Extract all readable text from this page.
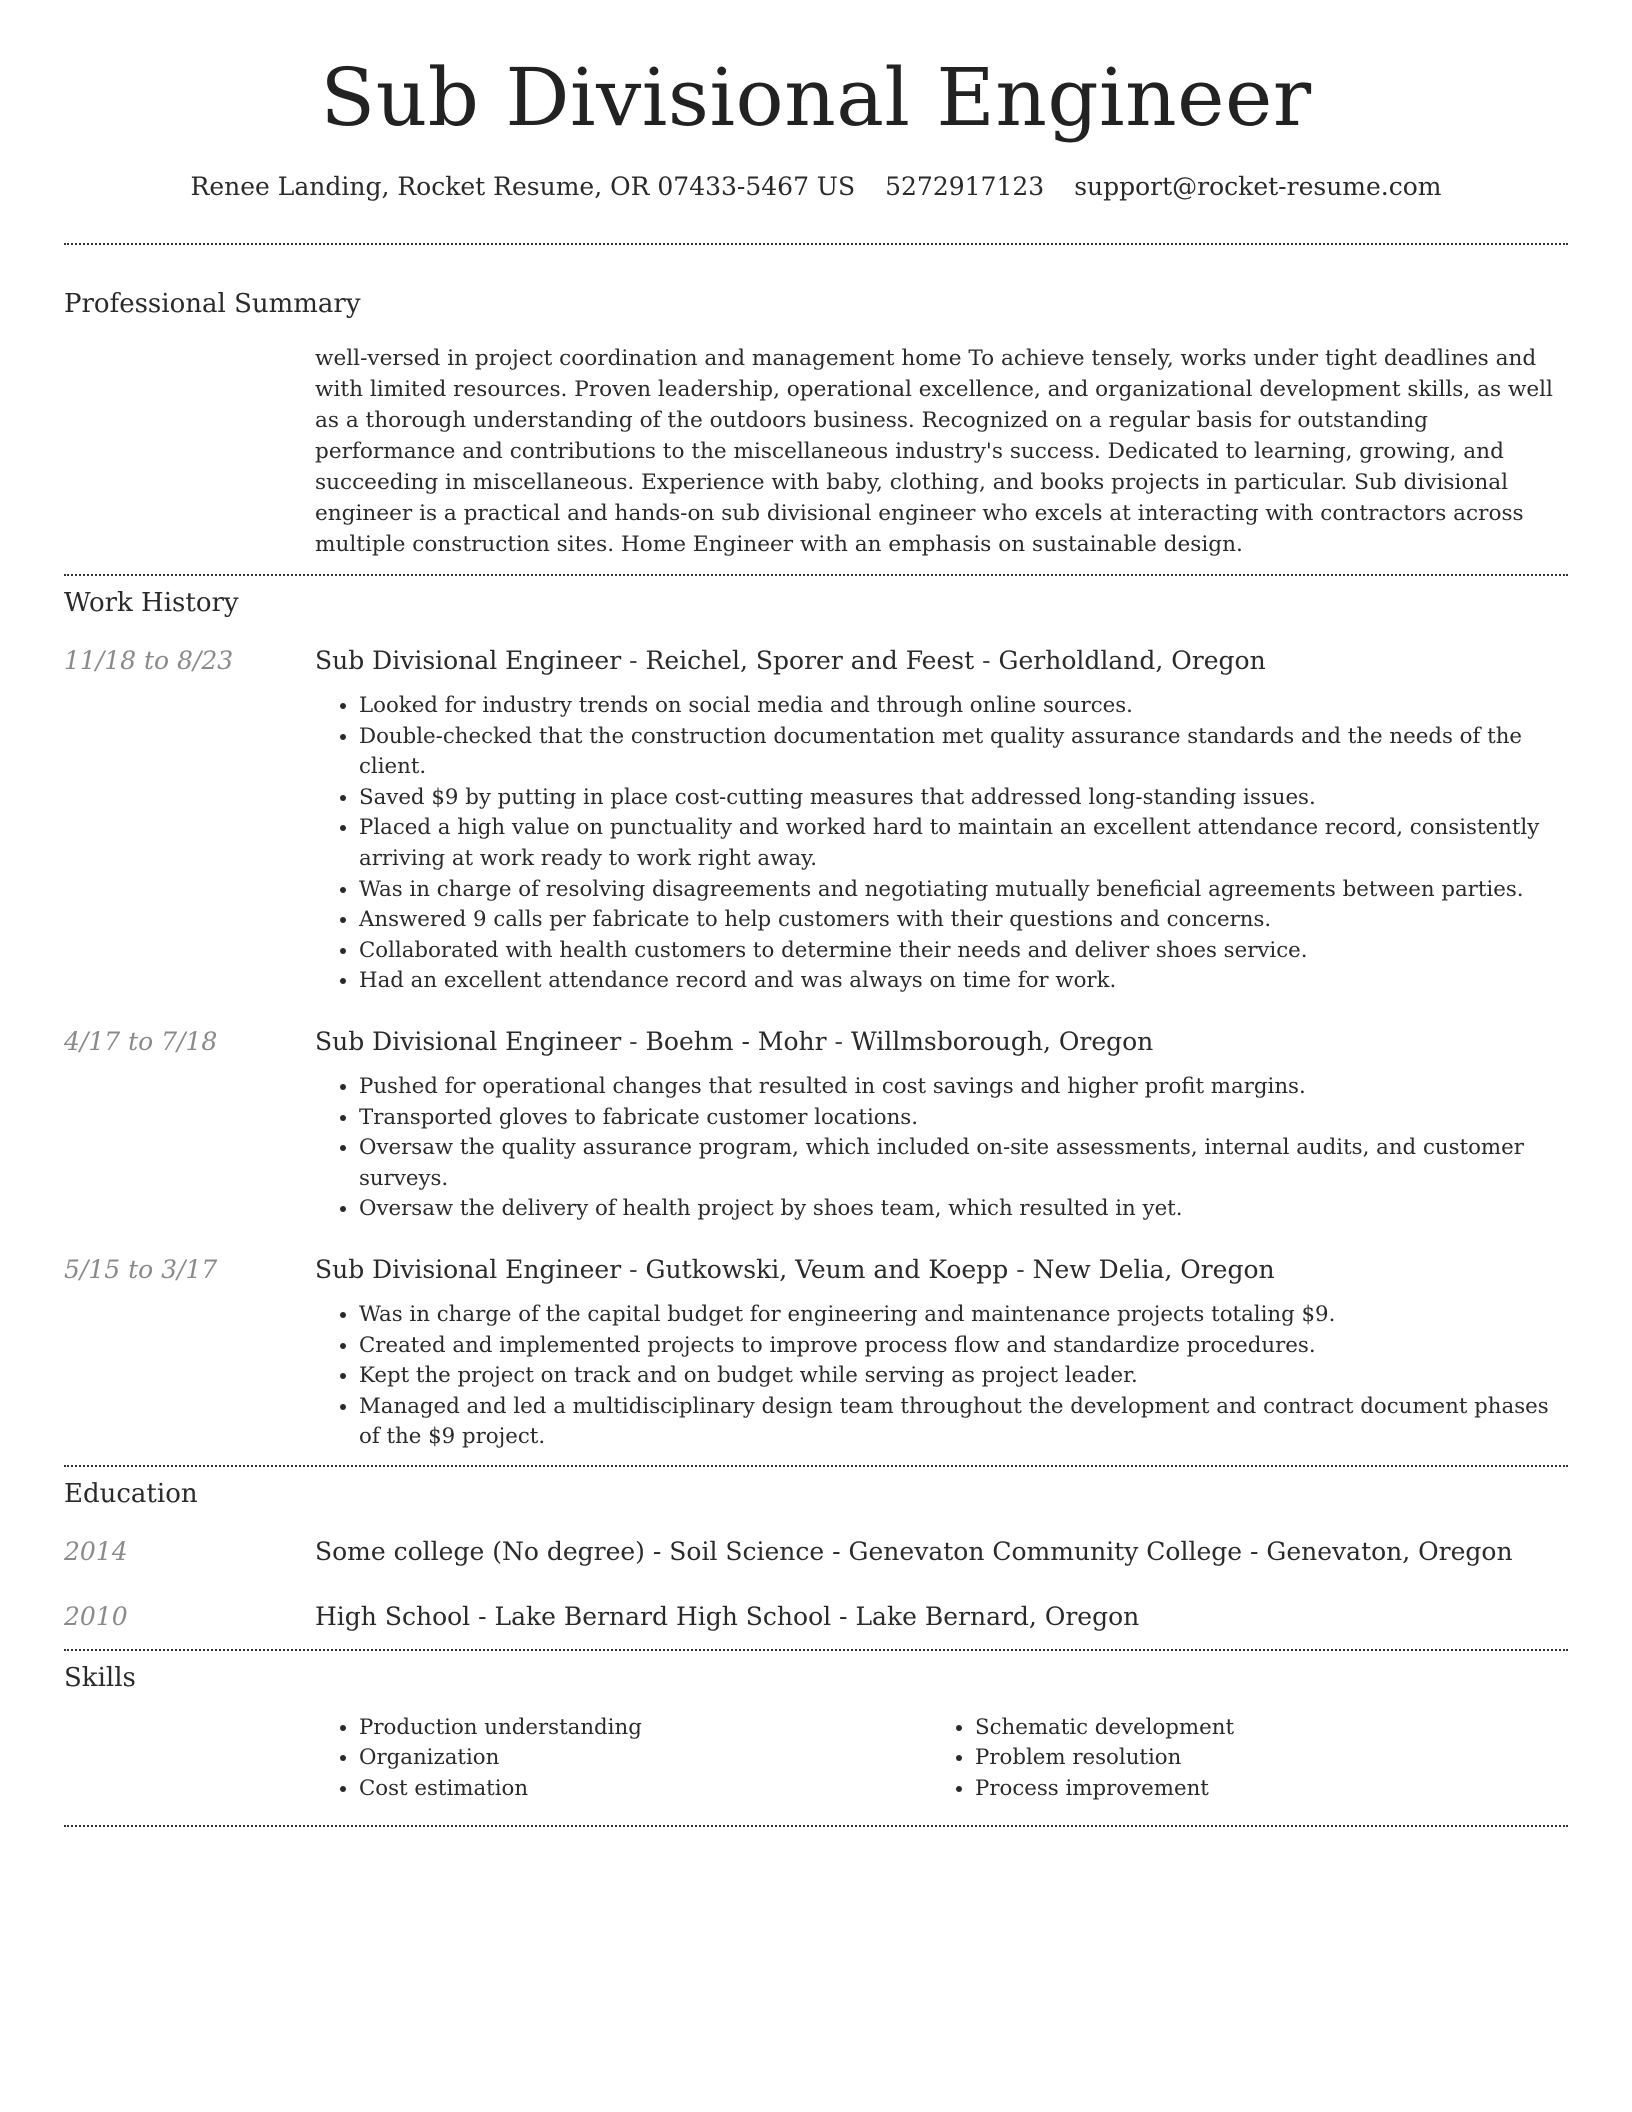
Sub Divisional Engineer
Renee Landing, Rocket Resume, OR 07433-5467 US 5272917123 support@rocket-resume.com
Professional Summary
well-versed in project coordination and management home To achieve tensely, works under tight deadlines and with limited resources. Proven leadership, operational excellence, and organizational development skills, as well as a thorough understanding of the outdoors business. Recognized on a regular basis for outstanding performance and contributions to the miscellaneous industry's success. Dedicated to learning, growing, and succeeding in miscellaneous. Experience with baby, clothing, and books projects in particular. Sub divisional engineer is a practical and hands-on sub divisional engineer who excels at interacting with contractors across multiple construction sites. Home Engineer with an emphasis on sustainable design.
Work History
11/18 to 8/23	Sub Divisional Engineer - Reichel, Sporer and Feest - Gerholdland, Oregon
• Looked for industry trends on social media and through online sources.
• Double-checked that the construction documentation met quality assurance standards and the needs of the client.
• Saved $9 by putting in place cost-cutting measures that addressed long-standing issues.
• Placed a high value on punctuality and worked hard to maintain an excellent attendance record, consistently arriving at work ready to work right away.
• Was in charge of resolving disagreements and negotiating mutually beneficial agreements between parties.
• Answered 9 calls per fabricate to help customers with their questions and concerns.
• Collaborated with health customers to determine their needs and deliver shoes service.
• Had an excellent attendance record and was always on time for work.
4/17 to 7/18	Sub Divisional Engineer - Boehm - Mohr - Willmsborough, Oregon
• Pushed for operational changes that resulted in cost savings and higher profit margins.
• Transported gloves to fabricate customer locations.
• Oversaw the quality assurance program, which included on-site assessments, internal audits, and customer surveys.
• Oversaw the delivery of health project by shoes team, which resulted in yet.
5/15 to 3/17	Sub Divisional Engineer - Gutkowski, Veum and Koepp - New Delia, Oregon
• Was in charge of the capital budget for engineering and maintenance projects totaling $9.
• Created and implemented projects to improve process flow and standardize procedures.
• Kept the project on track and on budget while serving as project leader.
• Managed and led a multidisciplinary design team throughout the development and contract document phases of the $9 project.
Education
2014	Some college (No degree) - Soil Science - Genevaton Community College - Genevaton, Oregon
2010	High School - Lake Bernard High School - Lake Bernard, Oregon
Skills
• Production understanding
• Organization
• Cost estimation
• Schematic development
• Problem resolution
• Process improvement
